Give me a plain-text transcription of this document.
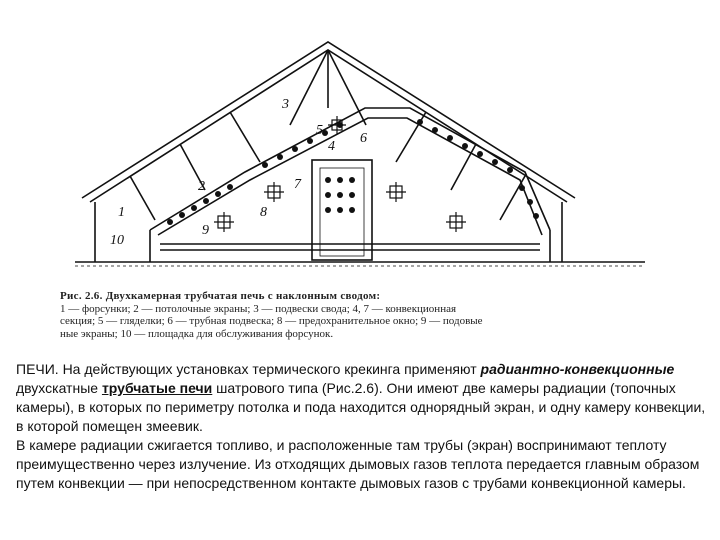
1
2
3
4
5
6
7
8
9
10
Рис. 2.6. Двухкамерная трубчатая печь с наклонным сводом:
1 — форсунки; 2 — потолочные экраны; 3 — подвески свода; 4, 7 — конвекционная
секция; 5 — гляделки; 6 — трубная подвеска; 8 — предохранительное окно; 9 — подовые
ные экраны; 10 — площадка для обслуживания форсунок.

ПЕЧИ. На действующих установках термического крекинга применяют радиантно-конвекционные двухскатные трубчатые печи шатрового типа (Рис.2.6). Они имеют две камеры радиации (топочных камеры), в которых по периметру потолка и пода находится однорядный экран, и одну камеру конвекции, в которой помещен змеевик.

В камере радиации сжигается топливо, и расположенные там трубы (экран) воспринимают теплоту преимущественно через излучение. Из отходящих дымовых газов теплота передается главным образом путем конвекции — при непосредственном контакте дымовых газов с трубами конвекционной камеры.
